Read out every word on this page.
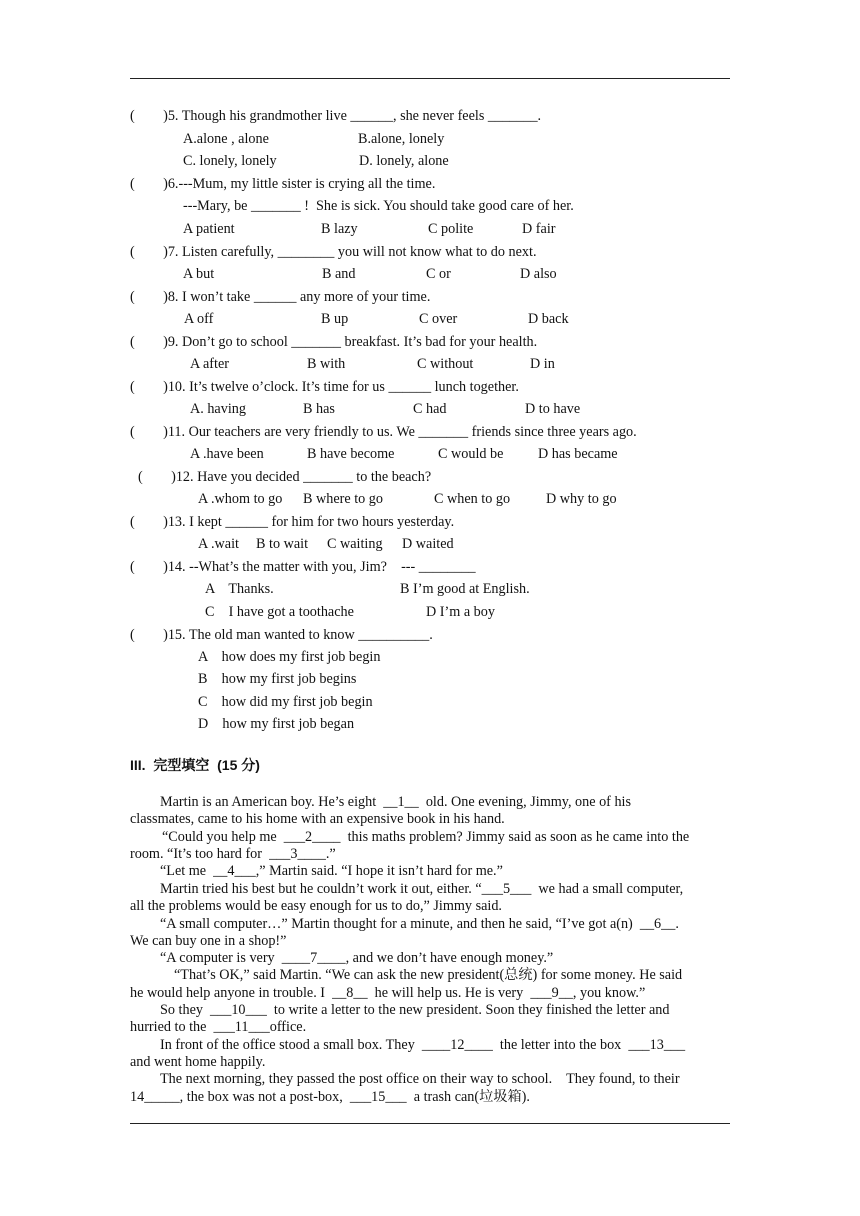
(        )5. Though his grandmother live ______, she never feels _______.
A.alone , alone	B.alone, lonely
C. lonely, lonely	D. lonely, alone
(        )6.---Mum, my little sister is crying all the time.
---Mary, be _______ !  She is sick. You should take good care of her.
A patient	B lazy	C polite	D fair
(        )7. Listen carefully, ________ you will not know what to do next.
A but	B and	C or	D also
(        )8. I won’t take ______ any more of your time.
A off	B up	C over	D back
(        )9. Don’t go to school _______ breakfast. It’s bad for your health.
A after	B with	C without	D in
(        )10. It’s twelve o’clock. It’s time for us ______ lunch together.
A. having	B has	C had	D to have
(        )11. Our teachers are very friendly to us. We _______ friends since three years ago.
A .have been	B have become	C would be D has became
(        )12. Have you decided _______ to the beach?
A .whom to go B where to go	C when to go	D why to go
(        )13. I kept ______ for him for two hours yesterday.
A .wait B to wait C waiting D waited
(        )14. --What’s the matter with you, Jim?    --- ________
A    Thanks.	B I’m good at English.
C    I have got a toothache	D I’m a boy
(        )15. The old man wanted to know __________.
A    how does my first job begin
B    how my first job begins
C    how did my first job begin
D    how my first job began
III.  完型填空  (15 分)
Martin is an American boy. He’s eight  __1__  old. One evening, Jimmy, one of his
classmates, came to his home with an expensive book in his hand.
“Could you help me  ___2____  this maths problem? Jimmy said as soon as he came into the
room. “It’s too hard for  ___3____.”
“Let me  __4___,” Martin said. “I hope it isn’t hard for me.”
Martin tried his best but he couldn’t work it out, either. “___5___  we had a small computer,
all the problems would be easy enough for us to do,” Jimmy said.
“A small computer…” Martin thought for a minute, and then he said, “I’ve got a(n)  __6__.
We can buy one in a shop!”
“A computer is very  ____7____, and we don’t have enough money.”
“That’s OK,” said Martin. “We can ask the new president(总统) for some money. He said
he would help anyone in trouble. I  __8__  he will help us. He is very  ___9__, you know.”
So they  ___10___  to write a letter to the new president. Soon they finished the letter and
hurried to the  ___11___office.
In front of the office stood a small box. They  ____12____  the letter into the box  ___13___
and went home happily.
The next morning, they passed the post office on their way to school.    They found, to their
14_____, the box was not a post-box,  ___15___  a trash can(垃圾箱).
